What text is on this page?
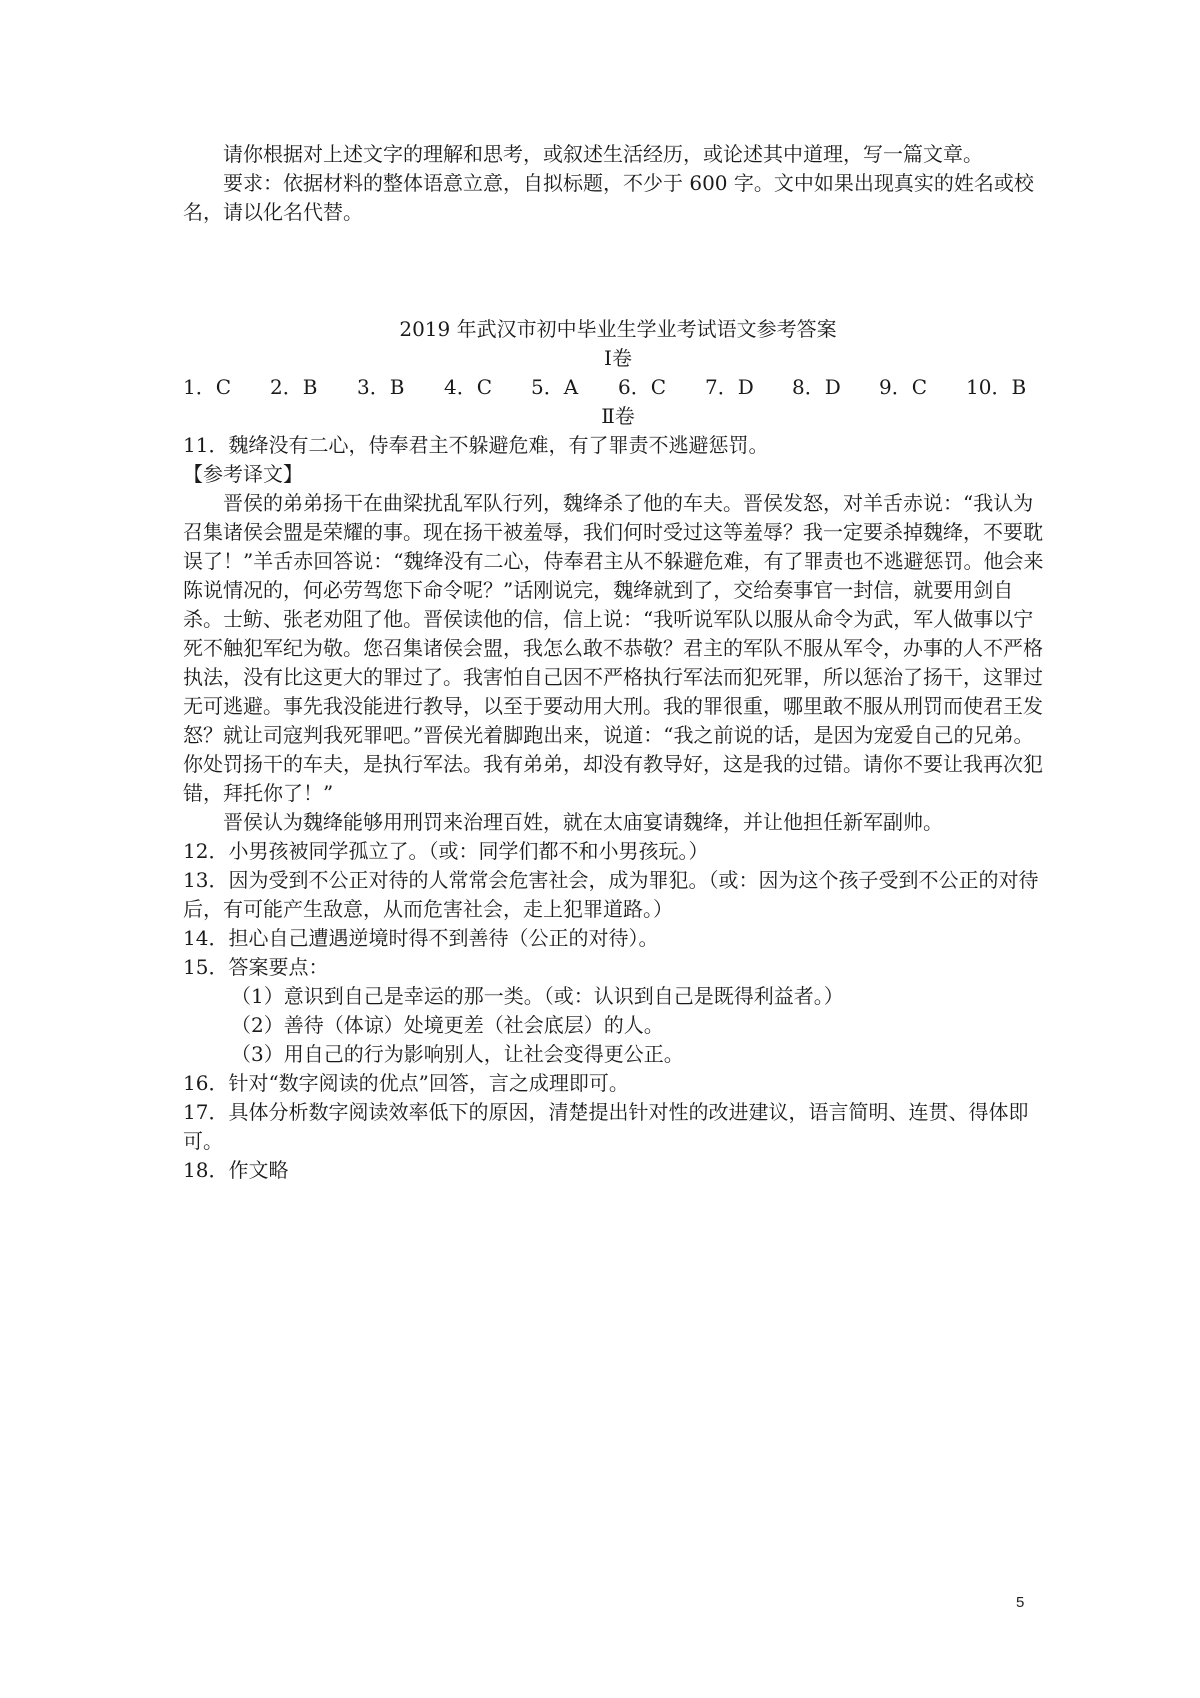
请你根据对上述文字的理解和思考，或叙述生活经历，或论述其中道理，写一篇文章。

要求：依据材料的整体语意立意，自拟标题，不少于 600 字。文中如果出现真实的姓名或校名，请以化名代替。

2019 年武汉市初中毕业生学业考试语文参考答案

Ⅰ卷

1．C	2．B	3．B	4．C	5．A	6．C	7．D	8．D	9．C	10．B

Ⅱ卷

11．魏绛没有二心，侍奉君主不躲避危难，有了罪责不逃避惩罚。

【参考译文】

晋侯的弟弟扬干在曲梁扰乱军队行列，魏绛杀了他的车夫。晋侯发怒，对羊舌赤说：“我认为召集诸侯会盟是荣耀的事。现在扬干被羞辱，我们何时受过这等羞辱？我一定要杀掉魏绛，不要耽误了！”羊舌赤回答说：“魏绛没有二心，侍奉君主从不躲避危难，有了罪责也不逃避惩罚。他会来陈说情况的，何必劳驾您下命令呢？”话刚说完，魏绛就到了，交给奏事官一封信，就要用剑自杀。士鲂、张老劝阻了他。晋侯读他的信，信上说：“我听说军队以服从命令为武，军人做事以宁死不触犯军纪为敬。您召集诸侯会盟，我怎么敢不恭敬？君主的军队不服从军令，办事的人不严格执法，没有比这更大的罪过了。我害怕自己因不严格执行军法而犯死罪，所以惩治了扬干，这罪过无可逃避。事先我没能进行教导，以至于要动用大刑。我的罪很重，哪里敢不服从刑罚而使君王发怒？就让司寇判我死罪吧。”晋侯光着脚跑出来，说道：“我之前说的话，是因为宠爱自己的兄弟。你处罚扬干的车夫，是执行军法。我有弟弟，却没有教导好，这是我的过错。请你不要让我再次犯错，拜托你了！”

晋侯认为魏绛能够用刑罚来治理百姓，就在太庙宴请魏绛，并让他担任新军副帅。

12．小男孩被同学孤立了。（或：同学们都不和小男孩玩。）

13．因为受到不公正对待的人常常会危害社会，成为罪犯。（或：因为这个孩子受到不公正的对待后，有可能产生敌意，从而危害社会，走上犯罪道路。）

14．担心自己遭遇逆境时得不到善待（公正的对待）。

15．答案要点：

（1）意识到自己是幸运的那一类。（或：认识到自己是既得利益者。）

（2）善待（体谅）处境更差（社会底层）的人。

（3）用自己的行为影响别人，让社会变得更公正。

16．针对“数字阅读的优点”回答，言之成理即可。

17．具体分析数字阅读效率低下的原因，清楚提出针对性的改进建议，语言简明、连贯、得体即可。

18．作文略

5
